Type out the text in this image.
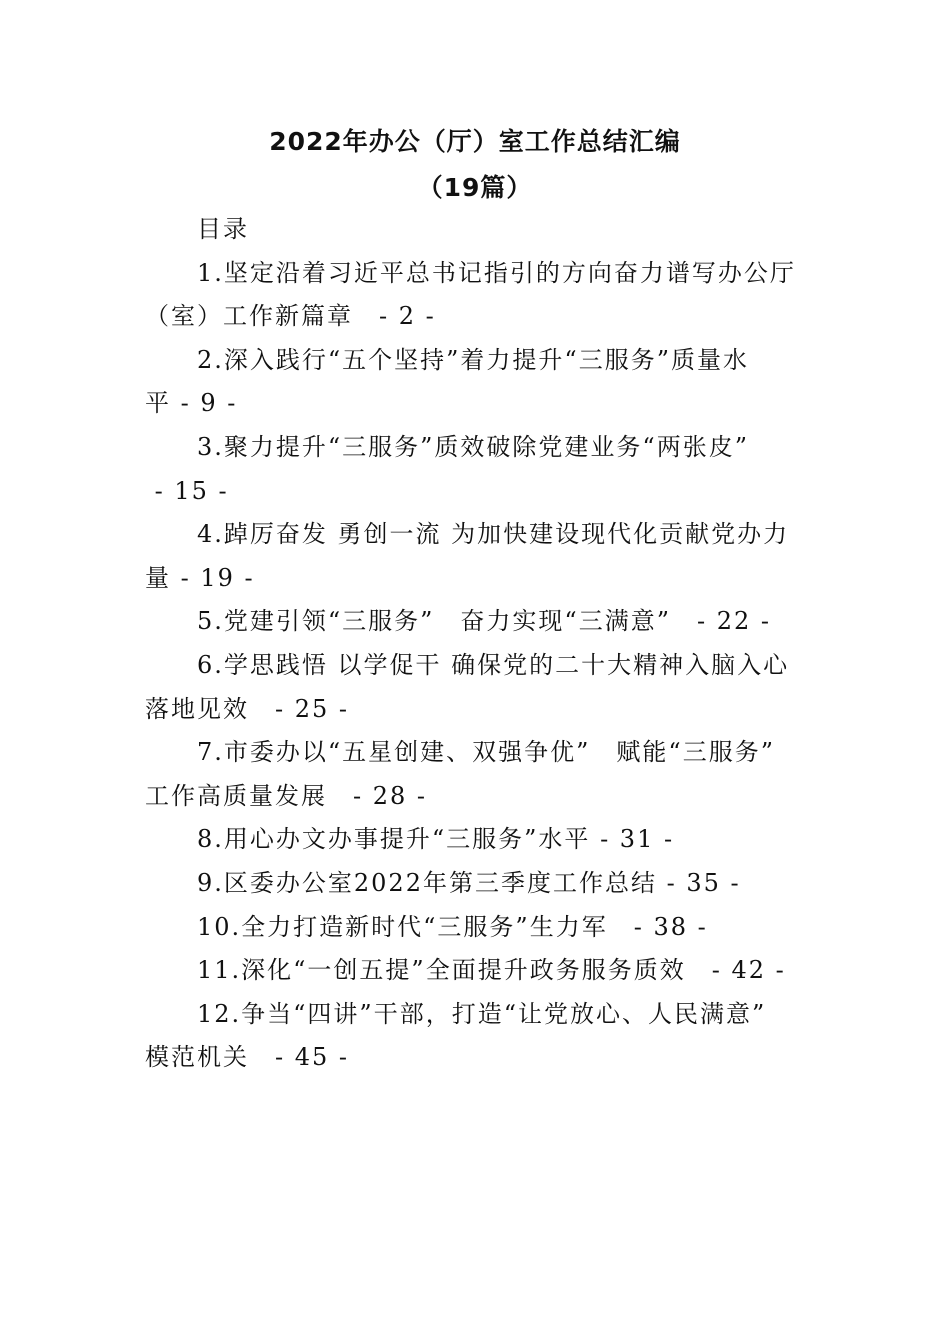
2022年办公（厅）室工作总结汇编
（19篇）
目录
1.坚定沿着习近平总书记指引的方向奋力谱写办公厅
（室）工作新篇章　- 2 -
2.深入践行“五个坚持”着力提升“三服务”质量水
平 - 9 -
3.聚力提升“三服务”质效破除党建业务“两张皮”
- 15 -
4.踔厉奋发 勇创一流 为加快建设现代化贡献党办力
量 - 19 -
5.党建引领“三服务”　奋力实现“三满意”　- 22 -
6.学思践悟 以学促干 确保党的二十大精神入脑入心
落地见效　- 25 -
7.市委办以“五星创建、双强争优”　赋能“三服务”
工作高质量发展　- 28 -
8.用心办文办事提升“三服务”水平 - 31 -
9.区委办公室2022年第三季度工作总结 - 35 -
10.全力打造新时代“三服务”生力军　- 38 -
11.深化“一创五提”全面提升政务服务质效　- 42 -
12.争当“四讲”干部，打造“让党放心、人民满意”
模范机关　- 45 -
